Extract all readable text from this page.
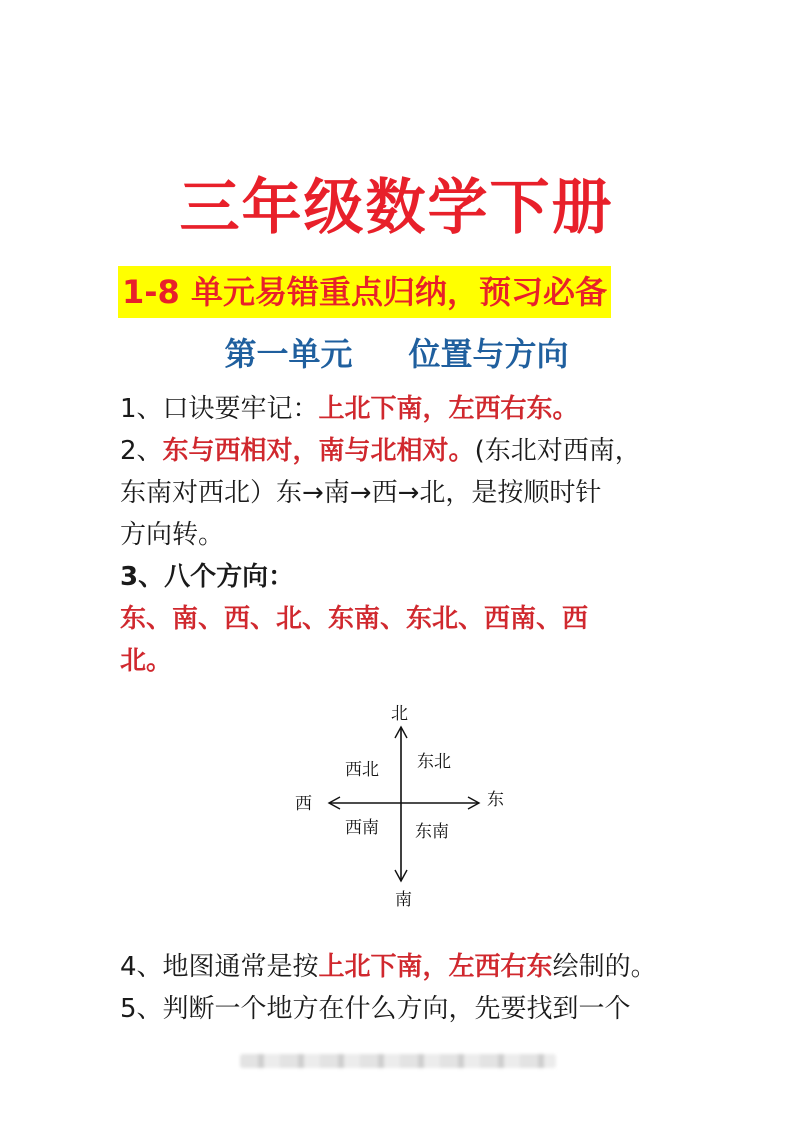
三年级数学下册
1-8 单元易错重点归纳，预习必备
第一单元 位置与方向
1、口诀要牢记：上北下南，左西右东。
2、东与西相对，南与北相对。(东北对西南，
东南对西北）东→南→西→北，是按顺时针
方向转。
3、八个方向：
东、南、西、北、东南、东北、西南、西
北。
北
南
东
西
东北
西北
东南
西南
4、地图通常是按上北下南，左西右东绘制的。
5、判断一个地方在什么方向，先要找到一个
